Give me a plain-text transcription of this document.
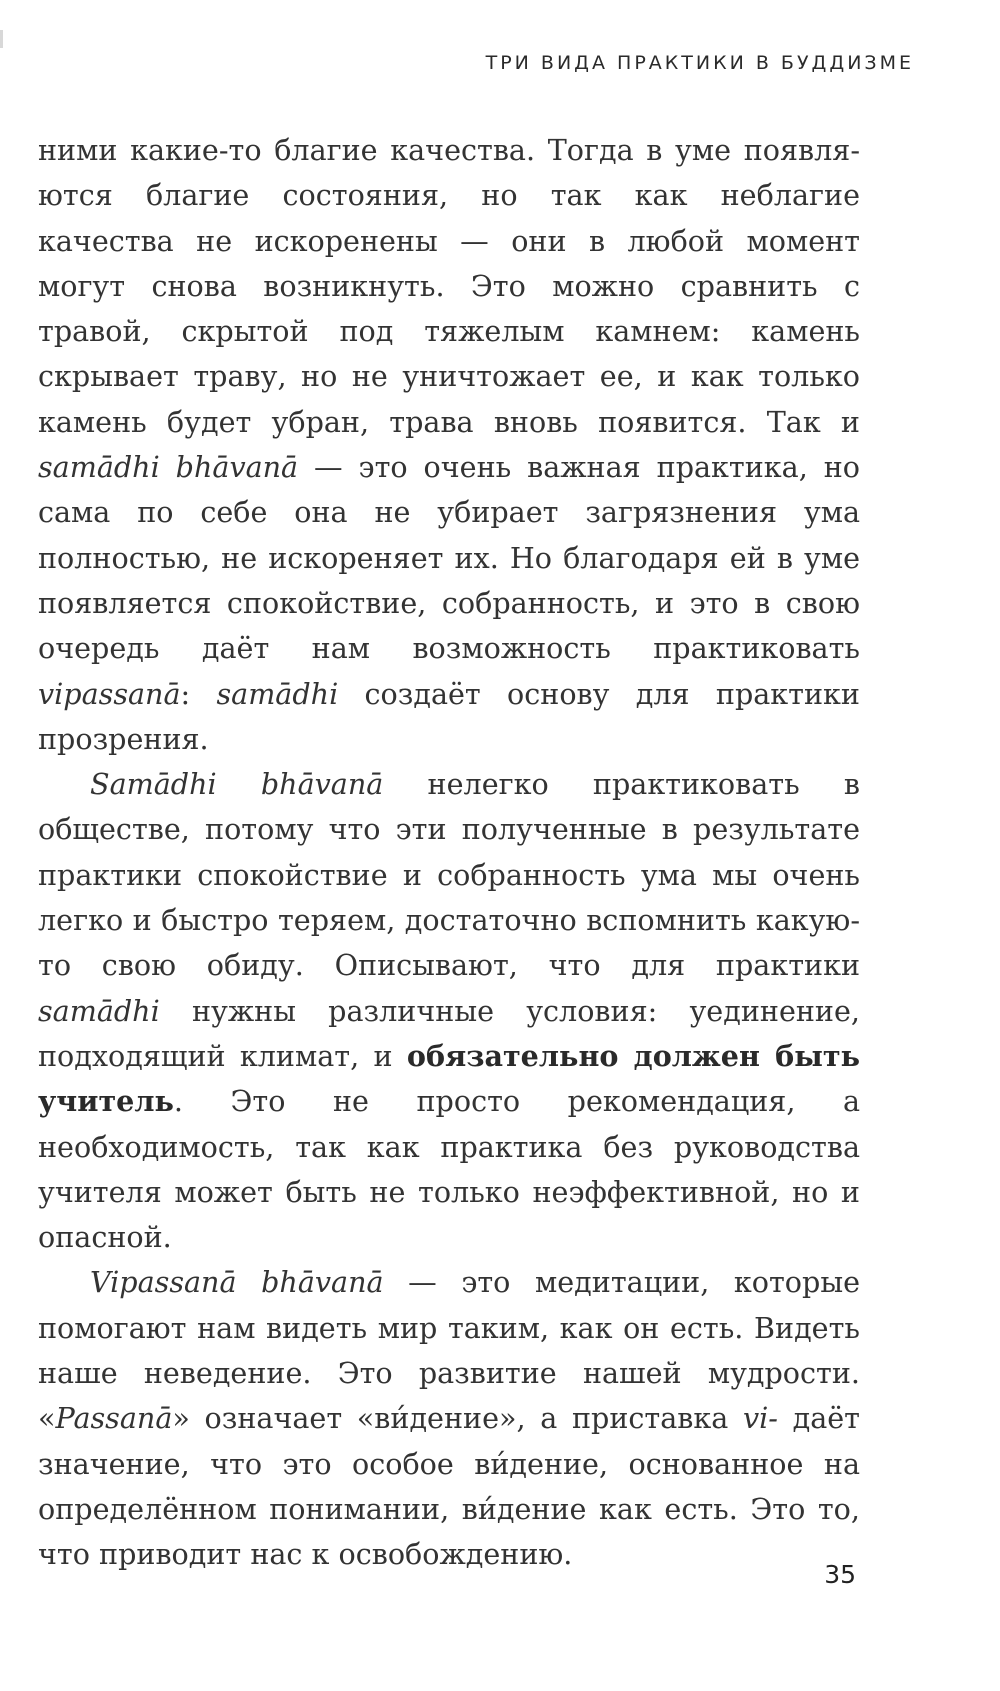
ТРИ ВИДА ПРАКТИКИ В БУДДИЗМЕ

ними какие-то благие качества. Тогда в уме появляются благие состояния, но так как неблагие качества не искоренены — они в любой момент могут снова возникнуть. Это можно сравнить с травой, скрытой под тяжелым камнем: камень скрывает траву, но не уничтожает ее, и как только камень будет убран, трава вновь появится. Так и samādhi bhāvanā — это очень важная практика, но сама по себе она не убирает загрязнения ума полностью, не искореняет их. Но благодаря ей в уме появляется спокойствие, собранность, и это в свою очередь даёт нам возможность практиковать vipassanā: samādhi создаёт основу для практики прозрения.

Samādhi bhāvanā нелегко практиковать в обществе, потому что эти полученные в результате практики спокойствие и собранность ума мы очень легко и быстро теряем, достаточно вспомнить какую-то свою обиду. Описывают, что для практики samādhi нужны различные условия: уединение, подходящий климат, и обязательно должен быть учитель. Это не просто рекомендация, а необходимость, так как практика без руководства учителя может быть не только неэффективной, но и опасной.

Vipassanā bhāvanā — это медитации, которые помогают нам видеть мир таким, как он есть. Видеть наше неведение. Это развитие нашей мудрости. «Passanā» означает «ви́дение», а приставка vi- даёт значение, что это особое ви́дение, основанное на определённом понимании, ви́дение как есть. Это то, что приводит нас к освобождению.

35
